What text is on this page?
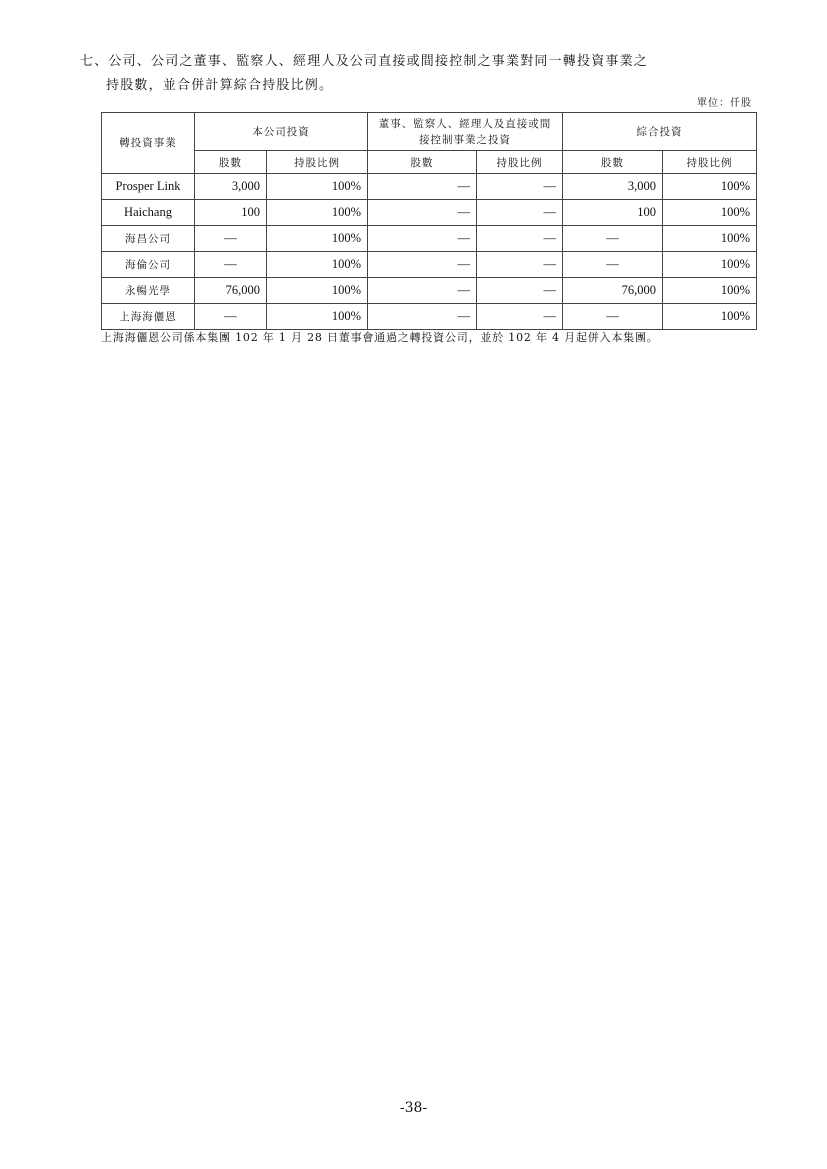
七、公司、公司之董事、監察人、經理人及公司直接或間接控制之事業對同一轉投資事業之
持股數，並合併計算綜合持股比例。
單位：仟股
轉投資事業	本公司投資		董事、監察人、經理人及直接或間接控制事業之投資		綜合投資	
	股數	持股比例	股數	持股比例	股數	持股比例
Prosper Link	3,000	100%	—	—	3,000	100%
Haichang	100	100%	—	—	100	100%
海昌公司	—	100%	—	—	—	100%
海倫公司	—	100%	—	—	—	100%
永暢光學	76,000	100%	—	—	76,000	100%
上海海儷恩	—	100%	—	—	—	100%
上海海儷恩公司係本集團 102 年 1 月 28 日董事會通過之轉投資公司，並於 102 年 4 月起併入本集團。
-38-
